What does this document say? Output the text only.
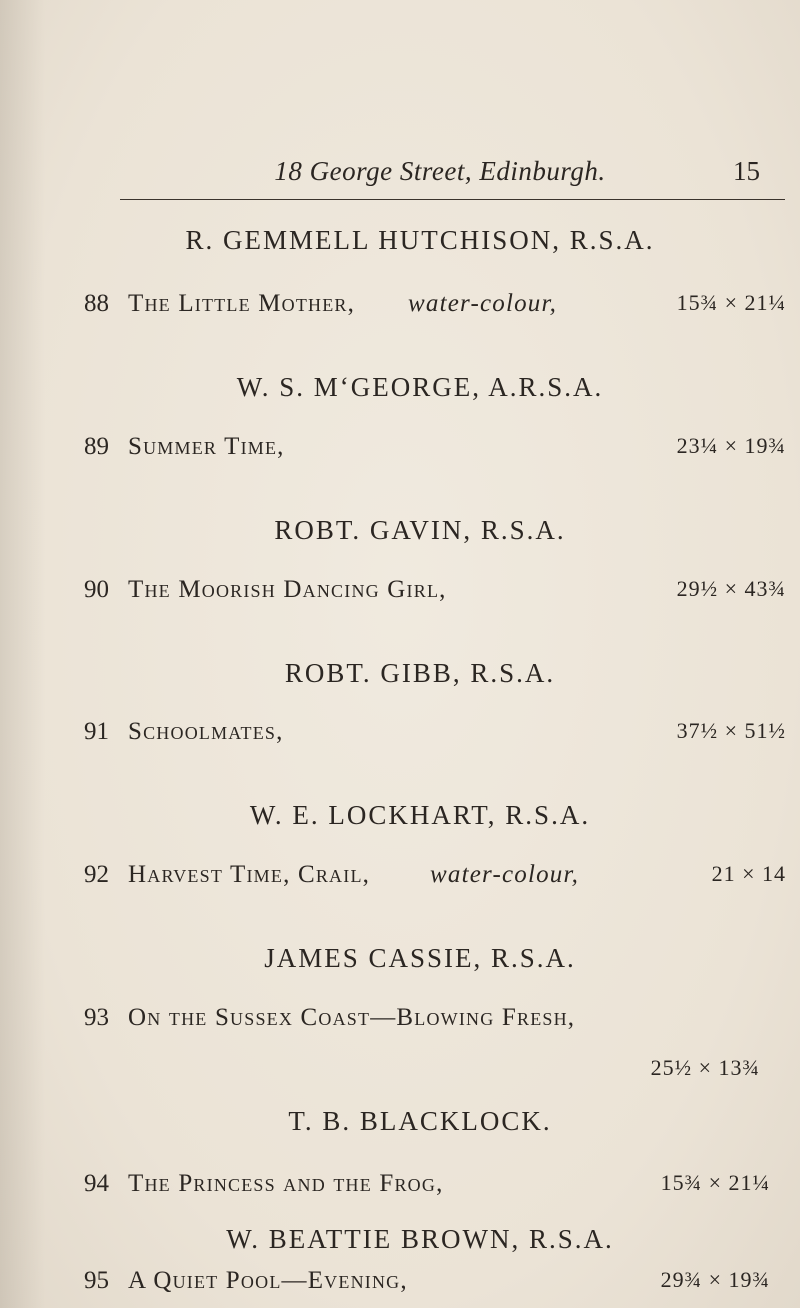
18 George Street, Edinburgh.	15
R. GEMMELL HUTCHISON, R.S.A.
88 The Little Mother, water-colour,	15¾ × 21¼
W. S. M‘GEORGE, A.R.S.A.
89 Summer Time,	23¼ × 19¾
ROBT. GAVIN, R.S.A.
90 The Moorish Dancing Girl,	29½ × 43¾
ROBT. GIBB, R.S.A.
91 Schoolmates,	37½ × 51½
W. E. LOCKHART, R.S.A.
92 Harvest Time, Crail, water-colour,	21 × 14
JAMES CASSIE, R.S.A.
93 On the Sussex Coast—Blowing Fresh,
25½ × 13¾
T. B. BLACKLOCK.
94 The Princess and the Frog,	15¾ × 21¼
W. BEATTIE BROWN, R.S.A.
95 A Quiet Pool—Evening,	29¾ × 19¾
